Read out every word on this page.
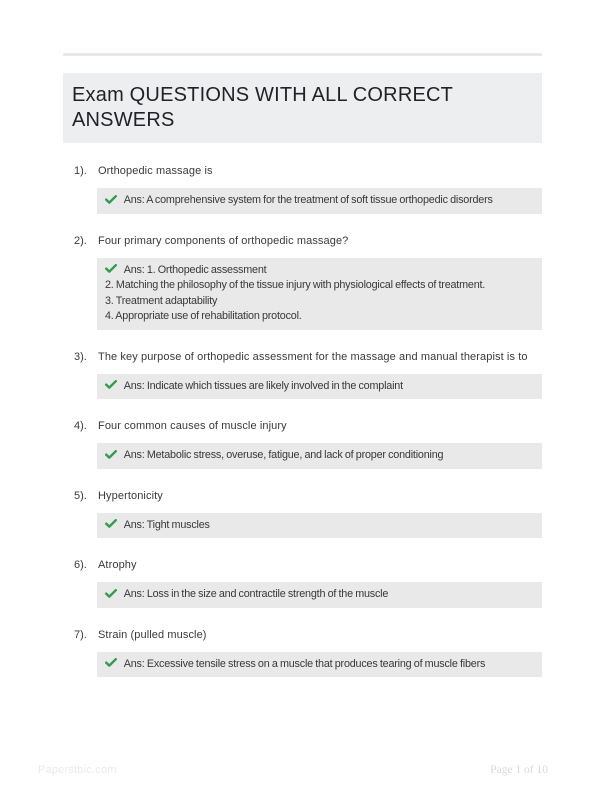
Exam QUESTIONS WITH ALL CORRECT ANSWERS
1).	Orthopedic massage is
Ans: A comprehensive system for the treatment of soft tissue orthopedic disorders
2).	Four primary components of orthopedic massage?
Ans: 1. Orthopedic assessment
2. Matching the philosophy of the tissue injury with physiological effects of treatment.
3. Treatment adaptability
4. Appropriate use of rehabilitation protocol.
3).	The key purpose of orthopedic assessment for the massage and manual therapist is to
Ans: Indicate which tissues are likely involved in the complaint
4).	Four common causes of muscle injury
Ans: Metabolic stress, overuse, fatigue, and lack of proper conditioning
5).	Hypertonicity
Ans: Tight muscles
6).	Atrophy
Ans: Loss in the size and contractile strength of the muscle
7).	Strain (pulled muscle)
Ans: Excessive tensile stress on a muscle that produces tearing of muscle fibers
Paperstbic.com	Page 1 of 10
